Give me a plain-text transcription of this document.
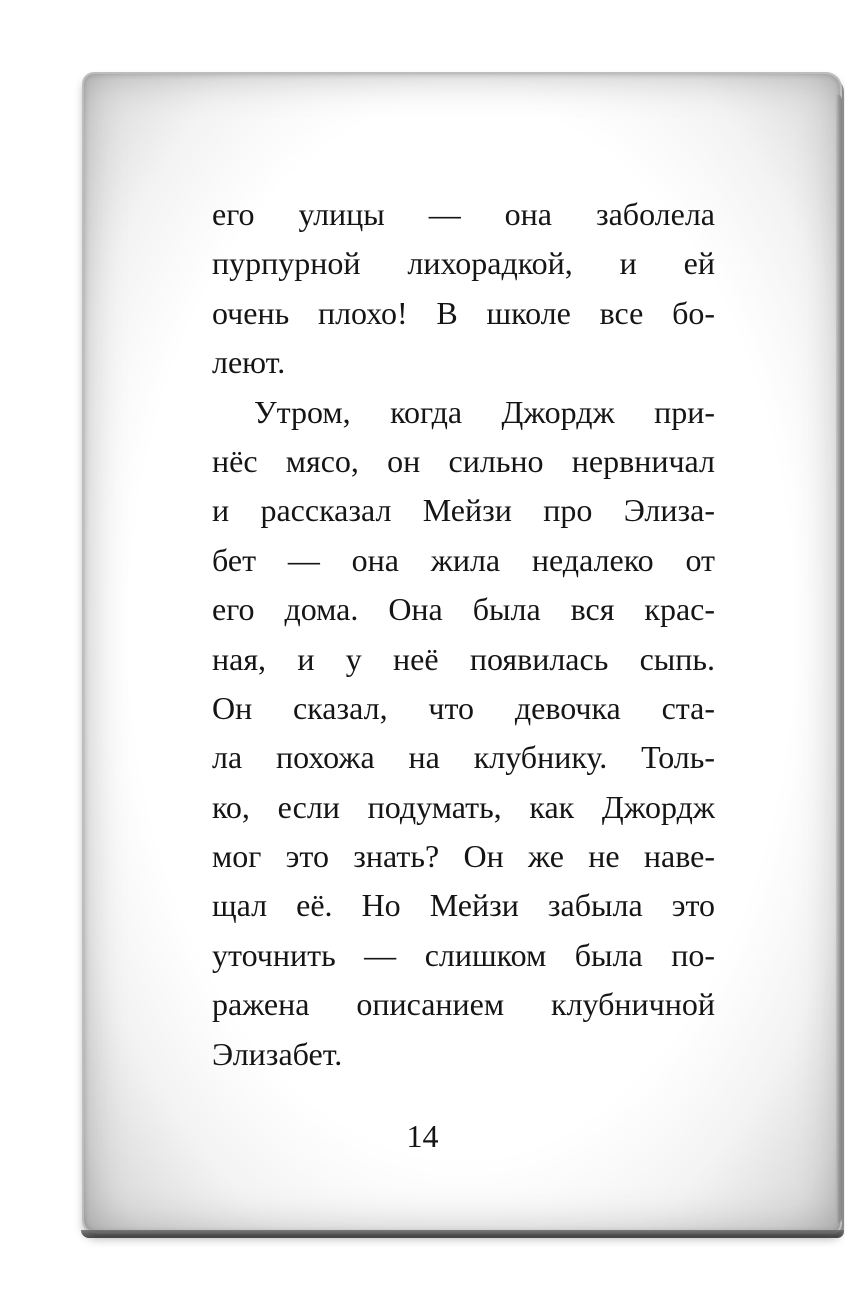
его улицы — она заболела
пурпурной лихорадкой, и ей
очень плохо! В школе все бо-
леют.
Утром, когда Джордж при-
нёс мясо, он сильно нервничал
и рассказал Мейзи про Элиза-
бет — она жила недалеко от
его дома. Она была вся крас-
ная, и у неё появилась сыпь.
Он сказал, что девочка ста-
ла похожа на клубнику. Толь-
ко, если подумать, как Джордж
мог это знать? Он же не наве-
щал её. Но Мейзи забыла это
уточнить — слишком была по-
ражена описанием клубничной
Элизабет.
14
